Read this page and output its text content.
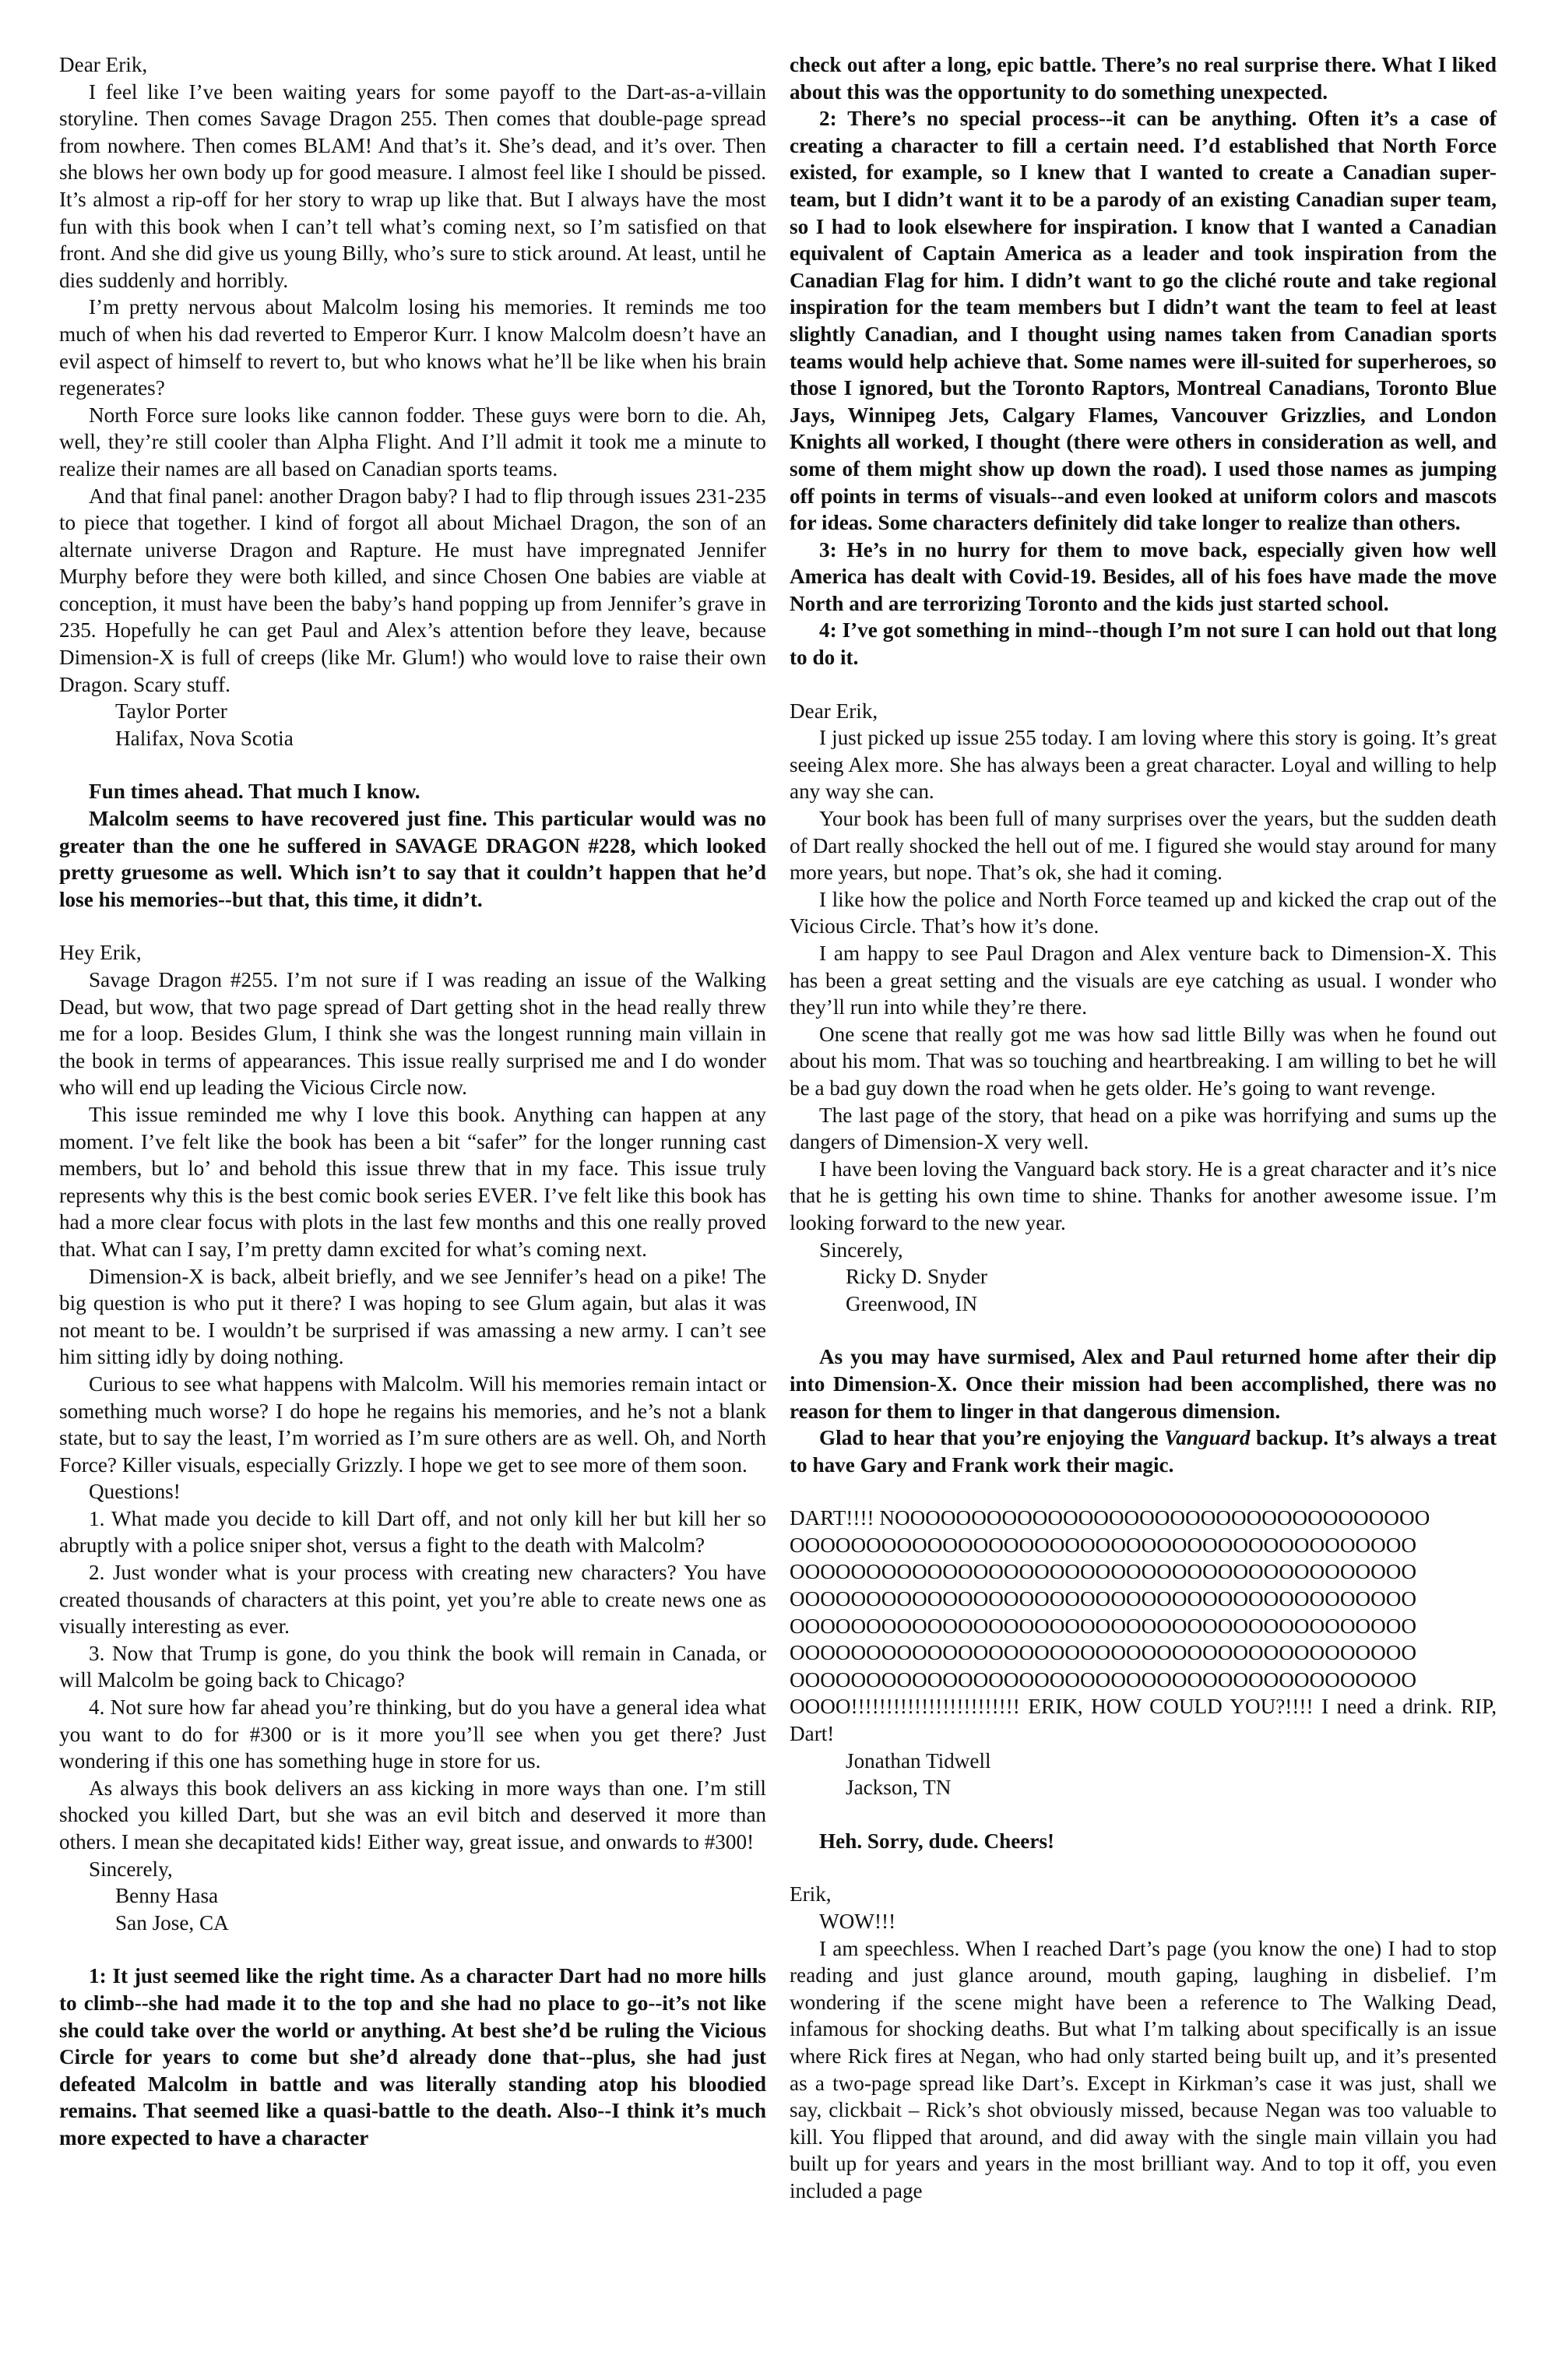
Dear Erik,

I feel like I’ve been waiting years for some payoff to the Dart-as-a-villain storyline. Then comes Savage Dragon 255. Then comes that double-page spread from nowhere. Then comes BLAM! And that’s it. She’s dead, and it’s over. Then she blows her own body up for good measure. I almost feel like I should be pissed. It’s almost a rip-off for her story to wrap up like that. But I always have the most fun with this book when I can’t tell what’s coming next, so I’m satisfied on that front. And she did give us young Billy, who’s sure to stick around. At least, until he dies suddenly and horribly.

I’m pretty nervous about Malcolm losing his memories. It reminds me too much of when his dad reverted to Emperor Kurr. I know Malcolm doesn’t have an evil aspect of himself to revert to, but who knows what he’ll be like when his brain regenerates?

North Force sure looks like cannon fodder. These guys were born to die. Ah, well, they’re still cooler than Alpha Flight. And I’ll admit it took me a minute to realize their names are all based on Canadian sports teams.

And that final panel: another Dragon baby? I had to flip through issues 231-235 to piece that together. I kind of forgot all about Michael Dragon, the son of an alternate universe Dragon and Rapture. He must have impregnated Jennifer Murphy before they were both killed, and since Chosen One babies are viable at conception, it must have been the baby’s hand popping up from Jennifer’s grave in 235. Hopefully he can get Paul and Alex’s attention before they leave, because Dimension-X is full of creeps (like Mr. Glum!) who would love to raise their own Dragon. Scary stuff.

Taylor Porter

Halifax, Nova Scotia

Fun times ahead. That much I know.

Malcolm seems to have recovered just fine. This particular would was no greater than the one he suffered in SAVAGE DRAGON #228, which looked pretty gruesome as well. Which isn’t to say that it couldn’t happen that he’d lose his memories--but that, this time, it didn’t.

Hey Erik,

Savage Dragon #255. I’m not sure if I was reading an issue of the Walking Dead, but wow, that two page spread of Dart getting shot in the head really threw me for a loop. Besides Glum, I think she was the longest running main villain in the book in terms of appearances. This issue really surprised me and I do wonder who will end up leading the Vicious Circle now.

This issue reminded me why I love this book. Anything can happen at any moment. I’ve felt like the book has been a bit “safer” for the longer running cast members, but lo’ and behold this issue threw that in my face. This issue truly represents why this is the best comic book series EVER. I’ve felt like this book has had a more clear focus with plots in the last few months and this one really proved that. What can I say, I’m pretty damn excited for what’s coming next.

Dimension-X is back, albeit briefly, and we see Jennifer’s head on a pike! The big question is who put it there? I was hoping to see Glum again, but alas it was not meant to be. I wouldn’t be surprised if was amassing a new army. I can’t see him sitting idly by doing nothing.

Curious to see what happens with Malcolm. Will his memories remain intact or something much worse? I do hope he regains his memories, and he’s not a blank state, but to say the least, I’m worried as I’m sure others are as well. Oh, and North Force? Killer visuals, especially Grizzly. I hope we get to see more of them soon.

Questions!

1. What made you decide to kill Dart off, and not only kill her but kill her so abruptly with a police sniper shot, versus a fight to the death with Malcolm?

2. Just wonder what is your process with creating new characters? You have created thousands of characters at this point, yet you’re able to create news one as visually interesting as ever.

3. Now that Trump is gone, do you think the book will remain in Canada, or will Malcolm be going back to Chicago?

4. Not sure how far ahead you’re thinking, but do you have a general idea what you want to do for #300 or is it more you’ll see when you get there? Just wondering if this one has something huge in store for us.

As always this book delivers an ass kicking in more ways than one. I’m still shocked you killed Dart, but she was an evil bitch and deserved it more than others. I mean she decapitated kids! Either way, great issue, and onwards to #300!

Sincerely,

Benny Hasa

San Jose, CA

1: It just seemed like the right time. As a character Dart had no more hills to climb--she had made it to the top and she had no place to go--it’s not like she could take over the world or anything. At best she’d be ruling the Vicious Circle for years to come but she’d already done that--plus, she had just defeated Malcolm in battle and was literally standing atop his bloodied remains. That seemed like a quasi-battle to the death. Also--I think it’s much more expected to have a character

check out after a long, epic battle. There’s no real surprise there. What I liked about this was the opportunity to do something unexpected.

2: There’s no special process--it can be anything. Often it’s a case of creating a character to fill a certain need. I’d established that North Force existed, for example, so I knew that I wanted to create a Canadian super-team, but I didn’t want it to be a parody of an existing Canadian super team, so I had to look elsewhere for inspiration. I know that I wanted a Canadian equivalent of Captain America as a leader and took inspiration from the Canadian Flag for him. I didn’t want to go the cliché route and take regional inspiration for the team members but I didn’t want the team to feel at least slightly Canadian, and I thought using names taken from Canadian sports teams would help achieve that. Some names were ill-suited for superheroes, so those I ignored, but the Toronto Raptors, Montreal Canadians, Toronto Blue Jays, Winnipeg Jets, Calgary Flames, Vancouver Grizzlies, and London Knights all worked, I thought (there were others in consideration as well, and some of them might show up down the road). I used those names as jumping off points in terms of visuals--and even looked at uniform colors and mascots for ideas. Some characters definitely did take longer to realize than others.

3: He’s in no hurry for them to move back, especially given how well America has dealt with Covid-19. Besides, all of his foes have made the move North and are terrorizing Toronto and the kids just started school.

4: I’ve got something in mind--though I’m not sure I can hold out that long to do it.

Dear Erik,

I just picked up issue 255 today. I am loving where this story is going. It’s great seeing Alex more. She has always been a great character. Loyal and willing to help any way she can.

Your book has been full of many surprises over the years, but the sudden death of Dart really shocked the hell out of me. I figured she would stay around for many more years, but nope. That’s ok, she had it coming.

I like how the police and North Force teamed up and kicked the crap out of the Vicious Circle. That’s how it’s done.

I am happy to see Paul Dragon and Alex venture back to Dimension-X. This has been a great setting and the visuals are eye catching as usual. I wonder who they’ll run into while they’re there.

One scene that really got me was how sad little Billy was when he found out about his mom. That was so touching and heartbreaking. I am willing to bet he will be a bad guy down the road when he gets older. He’s going to want revenge.

The last page of the story, that head on a pike was horrifying and sums up the dangers of Dimension-X very well.

I have been loving the Vanguard back story. He is a great character and it’s nice that he is getting his own time to shine. Thanks for another awesome issue. I’m looking forward to the new year.

Sincerely,

Ricky D. Snyder

Greenwood, IN

As you may have surmised, Alex and Paul returned home after their dip into Dimension-X. Once their mission had been accomplished, there was no reason for them to linger in that dangerous dimension.

Glad to hear that you’re enjoying the Vanguard backup. It’s always a treat to have Gary and Frank work their magic.

DART!!!! NOOOOOOOOOOOOOOOOOOOOOOOOOOOOOOOOOOO

OOOOOOOOOOOOOOOOOOOOOOOOOOOOOOOOOOOOOOOOO

OOOOOOOOOOOOOOOOOOOOOOOOOOOOOOOOOOOOOOOOO

OOOOOOOOOOOOOOOOOOOOOOOOOOOOOOOOOOOOOOOOO

OOOOOOOOOOOOOOOOOOOOOOOOOOOOOOOOOOOOOOOOO

OOOOOOOOOOOOOOOOOOOOOOOOOOOOOOOOOOOOOOOOO

OOOOOOOOOOOOOOOOOOOOOOOOOOOOOOOOOOOOOOOOO

OOOO!!!!!!!!!!!!!!!!!!!!!!!! ERIK, HOW COULD YOU?!!!! I need a drink. RIP, Dart!

Jonathan Tidwell

Jackson, TN

Heh. Sorry, dude. Cheers!

Erik,

WOW!!!

I am speechless. When I reached Dart’s page (you know the one) I had to stop reading and just glance around, mouth gaping, laughing in disbelief. I’m wondering if the scene might have been a reference to The Walking Dead, infamous for shocking deaths. But what I’m talking about specifically is an issue where Rick fires at Negan, who had only started being built up, and it’s presented as a two-page spread like Dart’s. Except in Kirkman’s case it was just, shall we say, clickbait – Rick’s shot obviously missed, because Negan was too valuable to kill. You flipped that around, and did away with the single main villain you had built up for years and years in the most brilliant way. And to top it off, you even included a page
